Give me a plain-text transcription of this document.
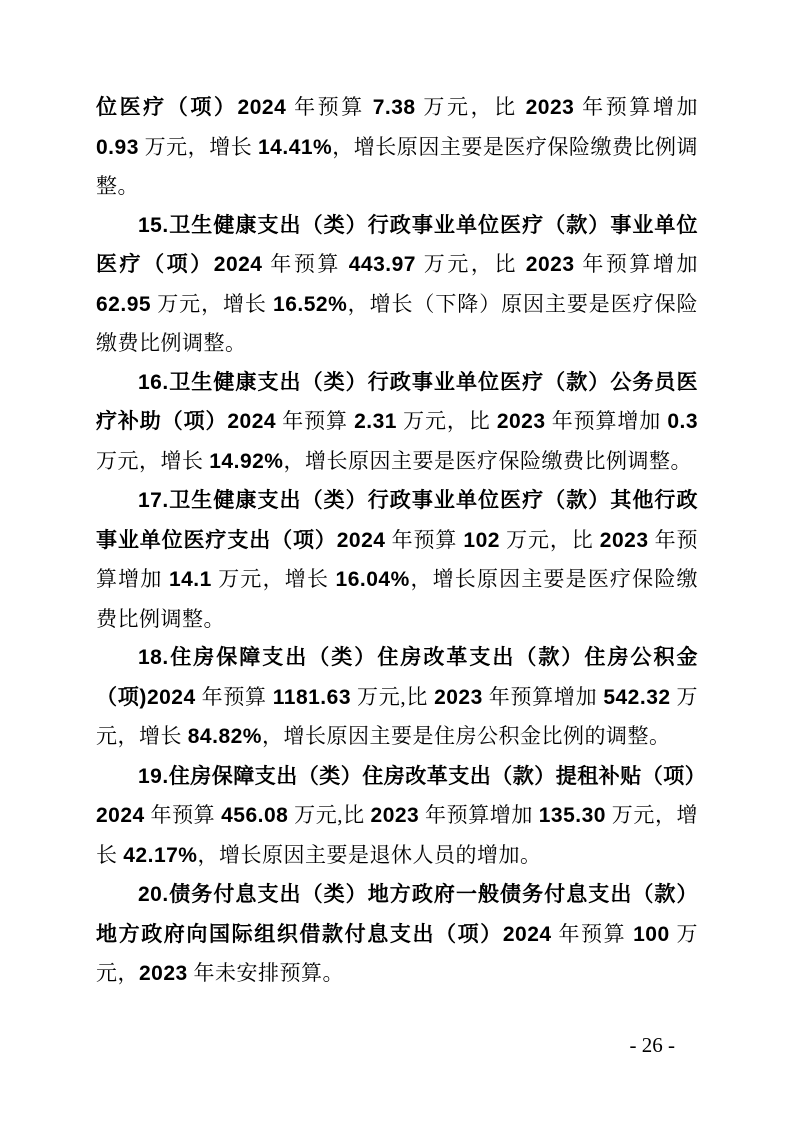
位医疗（项）2024 年预算 7.38 万元，比 2023 年预算增加 0.93 万元，增长 14.41%，增长原因主要是医疗保险缴费比例调整。

15.卫生健康支出（类）行政事业单位医疗（款）事业单位医疗（项）2024 年预算 443.97 万元，比 2023 年预算增加 62.95 万元，增长 16.52%，增长（下降）原因主要是医疗保险缴费比例调整。

16.卫生健康支出（类）行政事业单位医疗（款）公务员医疗补助（项）2024 年预算 2.31 万元，比 2023 年预算增加 0.3 万元，增长 14.92%，增长原因主要是医疗保险缴费比例调整。

17.卫生健康支出（类）行政事业单位医疗（款）其他行政事业单位医疗支出（项）2024 年预算 102 万元，比 2023 年预算增加 14.1 万元，增长 16.04%，增长原因主要是医疗保险缴费比例调整。

18.住房保障支出（类）住房改革支出（款）住房公积金（项)2024 年预算 1181.63 万元,比 2023 年预算增加 542.32 万元，增长 84.82%，增长原因主要是住房公积金比例的调整。

19.住房保障支出（类）住房改革支出（款）提租补贴（项）2024 年预算 456.08 万元,比 2023 年预算增加 135.30 万元，增长 42.17%，增长原因主要是退休人员的增加。

20.债务付息支出（类）地方政府一般债务付息支出（款）地方政府向国际组织借款付息支出（项）2024 年预算 100 万元，2023 年未安排预算。

- 26 -
